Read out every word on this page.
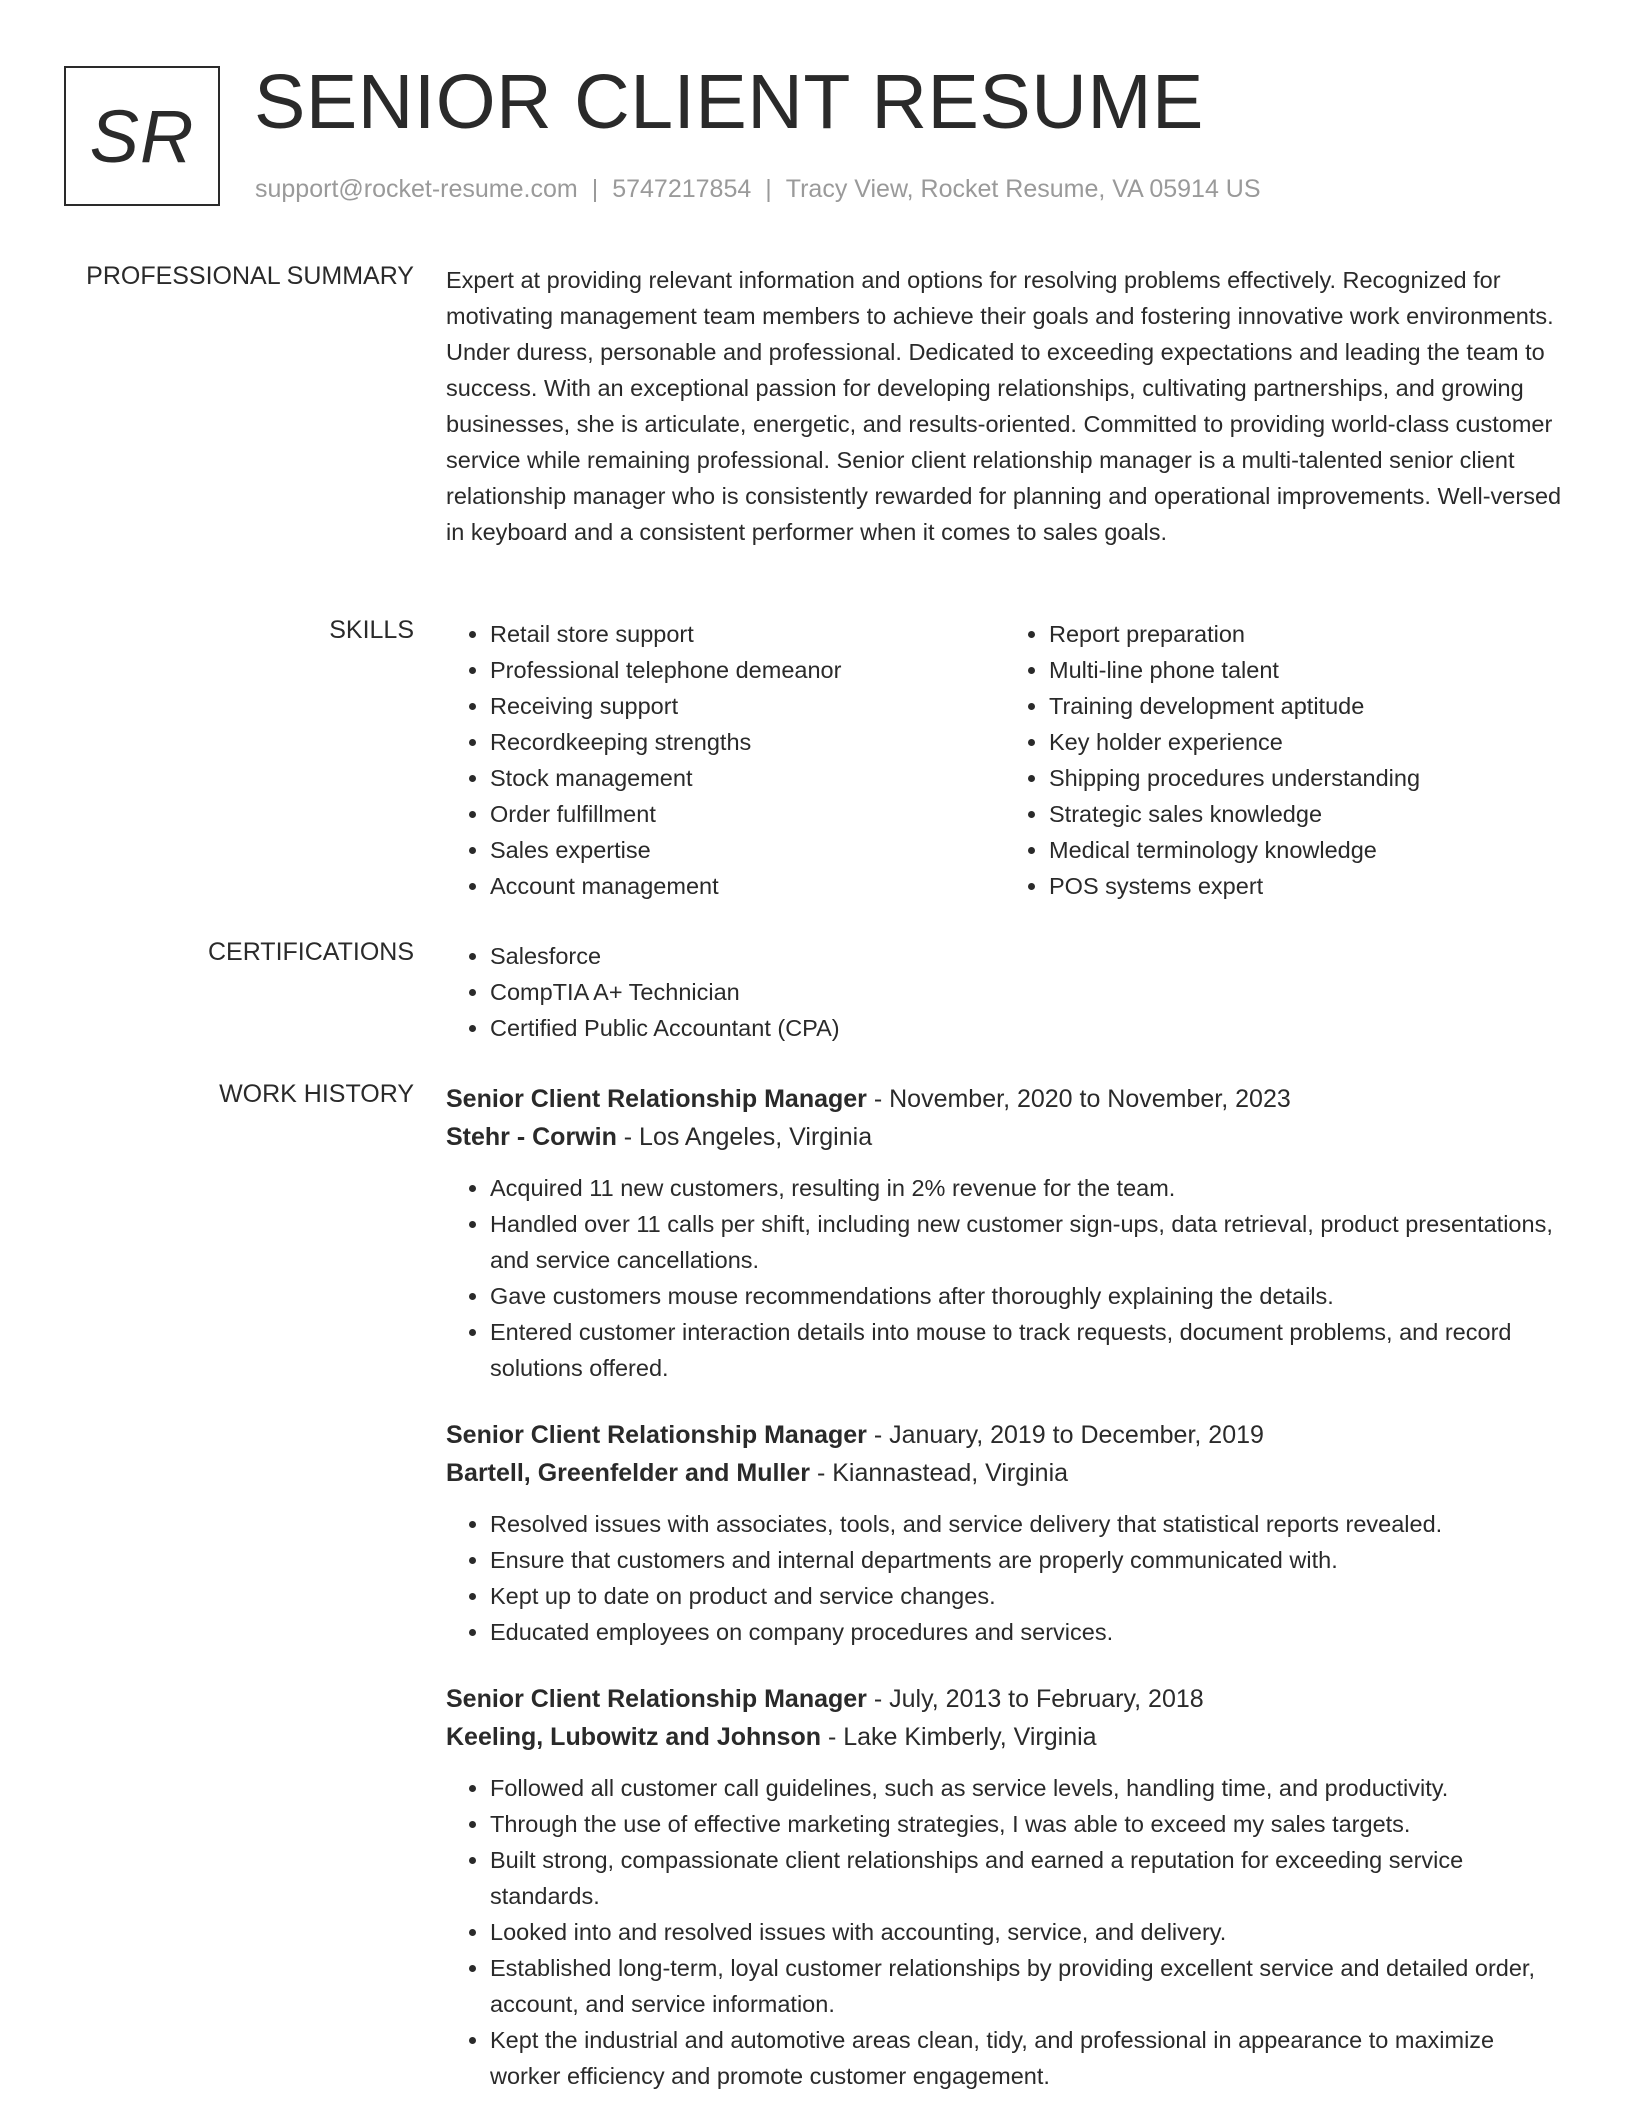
SR SENIOR CLIENT RESUME
support@rocket-resume.com | 5747217854 | Tracy View, Rocket Resume, VA 05914 US
PROFESSIONAL SUMMARY Expert at providing relevant information and options for resolving problems effectively. Recognized for motivating management team members to achieve their goals and fostering innovative work environments. Under duress, personable and professional. Dedicated to exceeding expectations and leading the team to success. With an exceptional passion for developing relationships, cultivating partnerships, and growing businesses, she is articulate, energetic, and results-oriented. Committed to providing world-class customer service while remaining professional. Senior client relationship manager is a multi-talented senior client relationship manager who is consistently rewarded for planning and operational improvements. Well-versed in keyboard and a consistent performer when it comes to sales goals.

SKILLS	• Retail store support
• Professional telephone demeanor
• Receiving support
• Recordkeeping strengths
• Stock management
• Order fulfillment
• Sales expertise
• Account management
• Report preparation
• Multi-line phone talent
• Training development aptitude
• Key holder experience
• Shipping procedures understanding
• Strategic sales knowledge
• Medical terminology knowledge
• POS systems expert
CERTIFICATIONS	• Salesforce
• CompTIA A+ Technician
• Certified Public Accountant (CPA)
WORK HISTORY Senior Client Relationship Manager - November, 2020 to November, 2023
Stehr - Corwin - Los Angeles, Virginia
• Acquired 11 new customers, resulting in 2% revenue for the team.
• Handled over 11 calls per shift, including new customer sign-ups, data retrieval, product presentations, and service cancellations.
• Gave customers mouse recommendations after thoroughly explaining the details.
• Entered customer interaction details into mouse to track requests, document problems, and record solutions offered.
Senior Client Relationship Manager - January, 2019 to December, 2019
Bartell, Greenfelder and Muller - Kiannastead, Virginia
• Resolved issues with associates, tools, and service delivery that statistical reports revealed.
• Ensure that customers and internal departments are properly communicated with.
• Kept up to date on product and service changes.
• Educated employees on company procedures and services.
Senior Client Relationship Manager - July, 2013 to February, 2018
Keeling, Lubowitz and Johnson - Lake Kimberly, Virginia
• Followed all customer call guidelines, such as service levels, handling time, and productivity.
• Through the use of effective marketing strategies, I was able to exceed my sales targets.
• Built strong, compassionate client relationships and earned a reputation for exceeding service standards.
• Looked into and resolved issues with accounting, service, and delivery.
• Established long-term, loyal customer relationships by providing excellent service and detailed order, account, and service information.
• Kept the industrial and automotive areas clean, tidy, and professional in appearance to maximize worker efficiency and promote customer engagement.
